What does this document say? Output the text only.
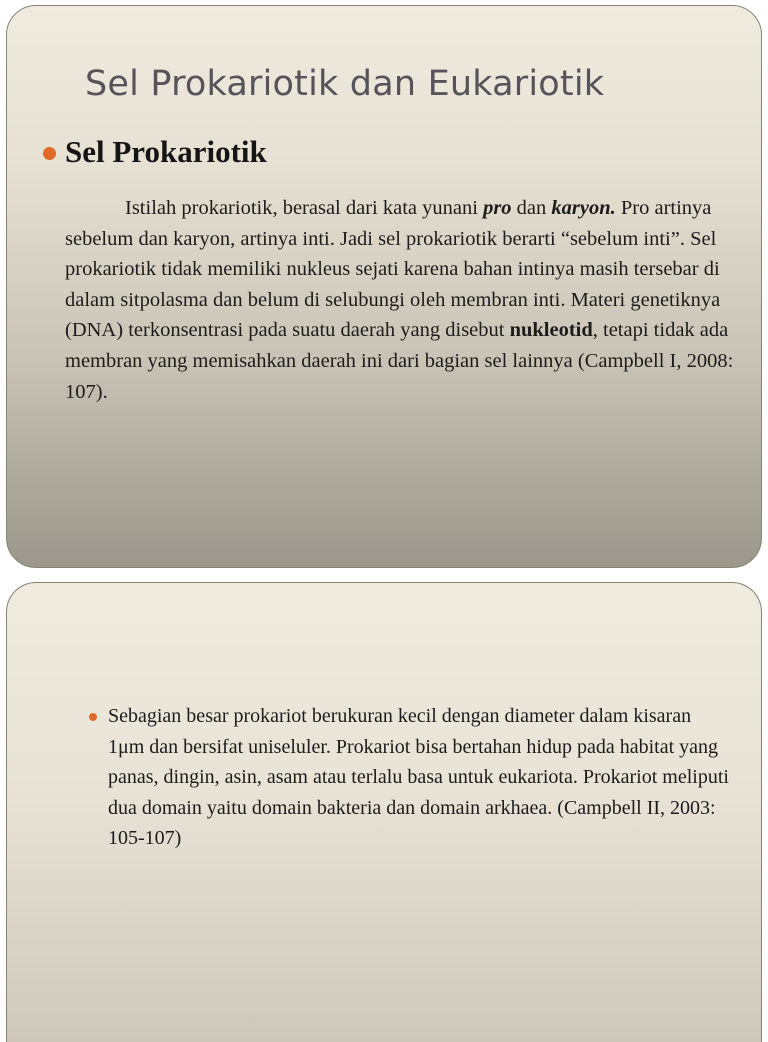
Sel Prokariotik dan Eukariotik
Sel Prokariotik

Istilah prokariotik, berasal dari kata yunani pro dan karyon. Pro artinya sebelum dan karyon, artinya inti. Jadi sel prokariotik berarti “sebelum inti”. Sel prokariotik tidak memiliki nukleus sejati karena bahan intinya masih tersebar di dalam sitpolasma dan belum di selubungi oleh membran inti. Materi genetiknya (DNA) terkonsentrasi pada suatu daerah yang disebut nukleotid, tetapi tidak ada membran yang memisahkan daerah ini dari bagian sel lainnya (Campbell I, 2008: 107).

Sebagian besar prokariot berukuran kecil dengan diameter dalam kisaran 1μm dan bersifat uniseluler. Prokariot bisa bertahan hidup pada habitat yang panas, dingin, asin, asam atau terlalu basa untuk eukariota. Prokariot meliputi dua domain yaitu domain bakteria dan domain arkhaea. (Campbell II, 2003: 105-107)
